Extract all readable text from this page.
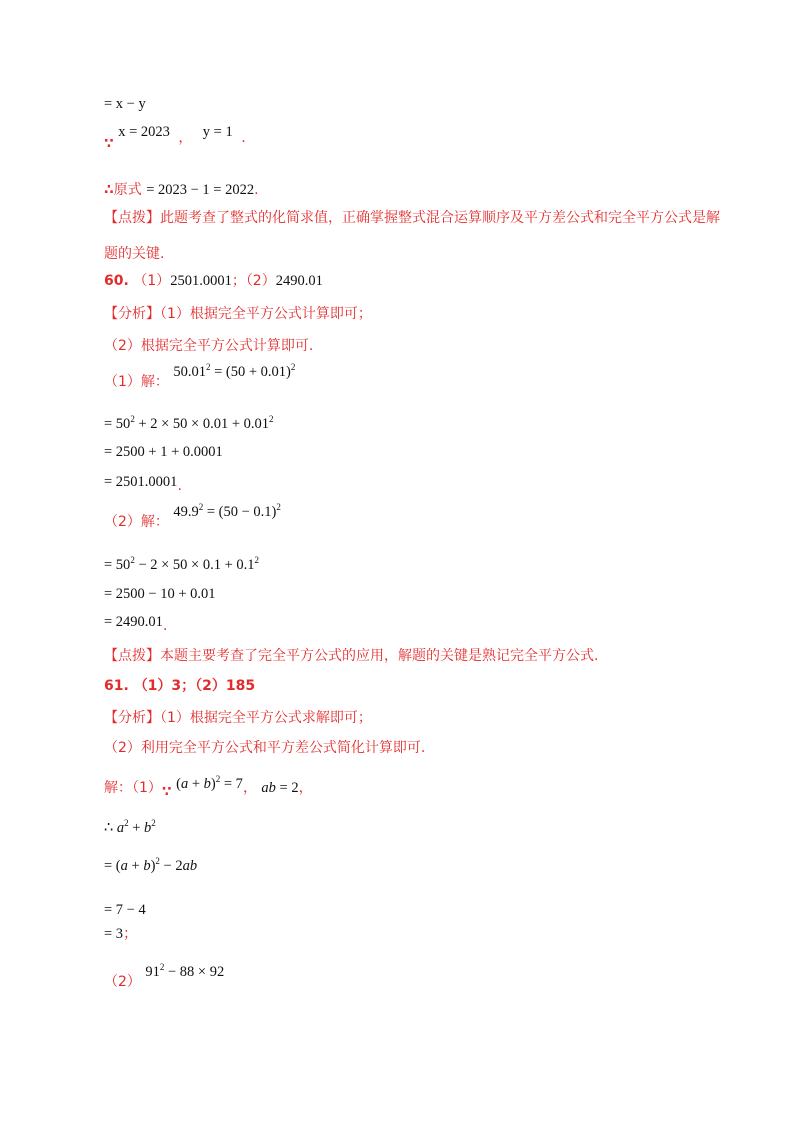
= x − y
∵ x = 2023 ， y = 1 .
∴原式 = 2023 − 1 = 2022.
【点拨】此题考查了整式的化简求值，正确掌握整式混合运算顺序及平方差公式和完全平方公式是解题的关键.
60. （1）2501.0001；（2）2490.01
【分析】（1）根据完全平方公式计算即可；
（2）根据完全平方公式计算即可.
（1）解： $50.01^2 = (50 + 0.01)^2$
= $50^2 + 2 \times 50 \times 0.01 + 0.01^2$
= 2500 + 1 + 0.0001
= 2501.0001.
（2）解： $49.9^2 = (50 - 0.1)^2$
= $50^2 - 2 \times 50 \times 0.1 + 0.1^2$
= 2500 − 10 + 0.01
= 2490.01.
【点拨】本题主要考查了完全平方公式的应用，解题的关键是熟记完全平方公式.
61. （1）3；（2）185
【分析】（1）根据完全平方公式求解即可；
（2）利用完全平方公式和平方差公式简化计算即可.
解：（1）∵ $(a + b)^2 = 7$， ab = 2，
∴ $a^2 + b^2$
= $(a + b)^2 - 2ab$
= 7 − 4
= 3；
（2） $91^2 - 88 \times 92$
